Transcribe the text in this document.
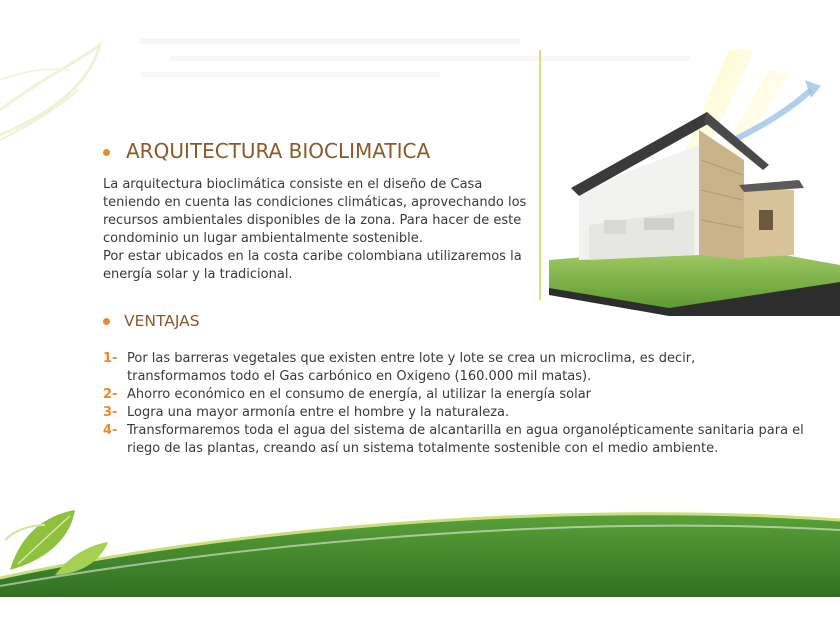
ARQUITECTURA BIOCLIMATICA
La arquitectura bioclimática consiste en el diseño de Casa
teniendo en cuenta las condiciones climáticas, aprovechando los
recursos ambientales disponibles de la zona. Para hacer de este
condominio un lugar ambientalmente sostenible.
Por estar ubicados en la costa caribe colombiana utilizaremos la
energía solar y la tradicional.
VENTAJAS
1- Por las barreras vegetales que existen entre lote y lote se crea un microclima, es decir,
transformamos todo el Gas carbónico en Oxigeno (160.000 mil matas).
2- Ahorro económico en el consumo de energía, al utilizar la energía solar
3- Logra una mayor armonía entre el hombre y la naturaleza.
4- Transformaremos toda el agua del sistema de alcantarilla en agua organolépticamente sanitaria para el
riego de las plantas, creando así un sistema totalmente sostenible con el medio ambiente.
